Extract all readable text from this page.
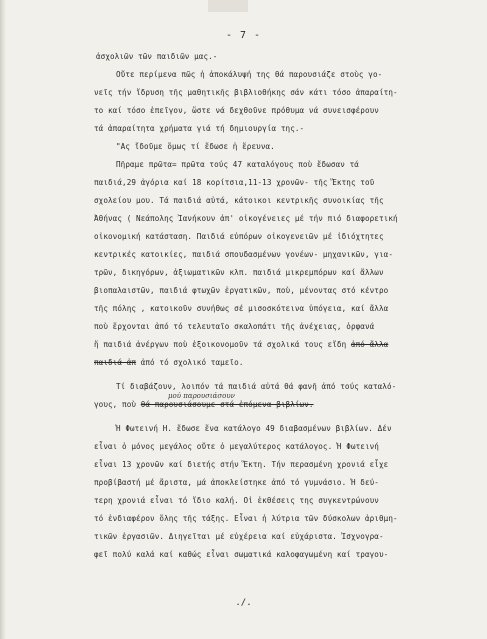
- 7 -
ἀσχολιῶν τῶν παιδιῶν μας.-
Οὔτε περίμενα πῶς ἡ ἀποκάλυψή της θά παρουσιάζε στοὺς γο-
νεῖς τήν ἴδρυση τῆς μαθητικῆς βιβλιοθήκης σάν κάτι τόσο ἀπαραίτη-
το καί τόσο ἐπεῖγον, ὥστε νά δεχθοῦνε πρόθυμα νά συνεισφέρουν
τά ἀπαραίτητα χρήματα γιά τή δημιουργία της.-
"Ας ἴδοῦμε ὅμως τί ἔδωσε ἡ ἔρευνα.
Πῆραμε πρῶτα= πρῶτα τούς 47 καταλόγους ποὺ ἔδωσαν τά
παιδιά,29 ἀγόρια καί 18 κορίτσια,11-13 χρονῶν- τῆς Ἕκτης τοῦ
σχολείου μου. Τά παιδιά αὐτά, κάτοικοι κεντρικῆς συνοικίας τῆς
Ἀθήνας ( Νεάπολης Ἰανήκουν ἀπ' οἰκογένειες μέ τήν πιό διαφορετική
οἰκονομική κατάσταση. Παιδιά εὐπόρων οἰκογενειῶν μέ ἰδιόχτητες
κεντρικές κατοικίες, παιδιά σπουδασμένων γονέων- μηχανικῶν, για-
τρῶν, δικηγόρων, ἀξιωματικῶν κλπ. παιδιά μικρεμπόρων καί ἄλλων
βιοπαλαιστῶν, παιδιά φτωχῶν ἐργατικῶν, ποὺ, μένοντας στό κέντρο
τῆς πόλης , κατοικοῦν συνήθως σέ μισοσκότεινα ὑπόγεια, καί ἄλλα
ποὺ ἔρχονται ἀπό τό τελευταῖο σκαλοπάτι τῆς ἀνέχειας, ὀρφανά
ἤ παιδιά ἀνέργων ποὺ ἐξοικονομοῦν τά σχολικά τους εἴδη ἀπό ἄλλα
παιδιά ἀπ ἀπό τό σχολικό ταμεῖο.
Τί διαβάζουν, λοιπόν τά παιδιά αὐτά θά φανῆ ἀπό τούς καταλό-
μού παρουσιάσουν
γους, ποὺ θά παρουσιάσουμε στά ἑπόμενα βιβλίων.
Ἡ Φωτεινή Η. ἔδωσε ἕνα κατάλογο 49 διαβασμένων βιβλίων. Δέν
εἶναι ὁ μόνος μεγάλος οὔτε ὁ μεγαλύτερος κατάλογος. Ἡ Φωτεινή
εἶναι 13 χρονῶν καί διετής στήν Ἕκτη. Τήν περασμένη χρονιά εἶχε
προβίβαστή μέ ἄριστα, μά ἀποκλείστηκε ἀπό τό γυμνάσιο. Ἡ δεύ-
τερη χρονιά εἶναι τό ἴδιο καλή. Οἱ ἐκθέσεις της συγκεντρώνουν
τό ἐνδιαφέρον ὅλης τῆς τάξης. Εἶναι ἡ λύτρια τῶν δύσκολων ἀριθμη-
τικῶν ἐργασιῶν. Διηγεῖται μέ εὐχέρεια καί εὐχάριστα. Ἰσχνογρα-
φεῖ πολύ καλά καί καθώς εἶναι σωματικά καλοφαγωμένη καί τραγου-
./.
